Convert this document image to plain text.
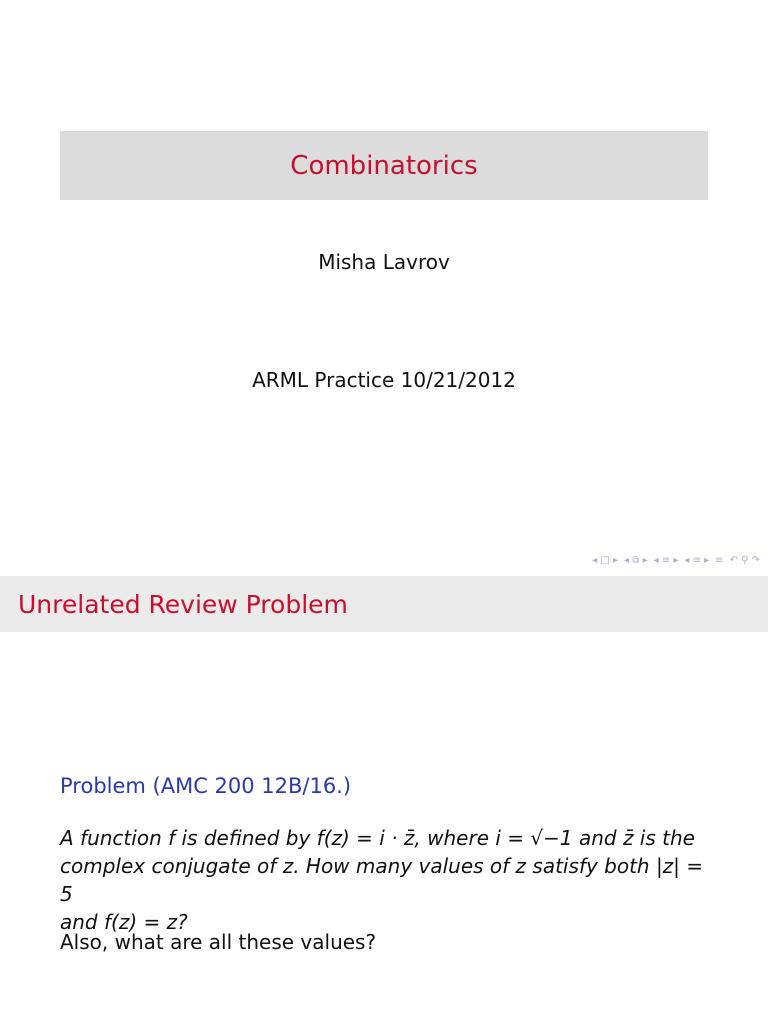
Combinatorics
Misha Lavrov
ARML Practice 10/21/2012
◂ □ ▸ ◂ ⧉ ▸ ◂ ≡ ▸ ◂ ≡ ▸ ≡ ↶ ⚲ ↷
Unrelated Review Problem
Problem (AMC 200 12B/16.)
A function f is defined by f(z) = i · z̄, where i = √−1 and z̄ is the
complex conjugate of z. How many values of z satisfy both |z| = 5
and f(z) = z?
Also, what are all these values?
